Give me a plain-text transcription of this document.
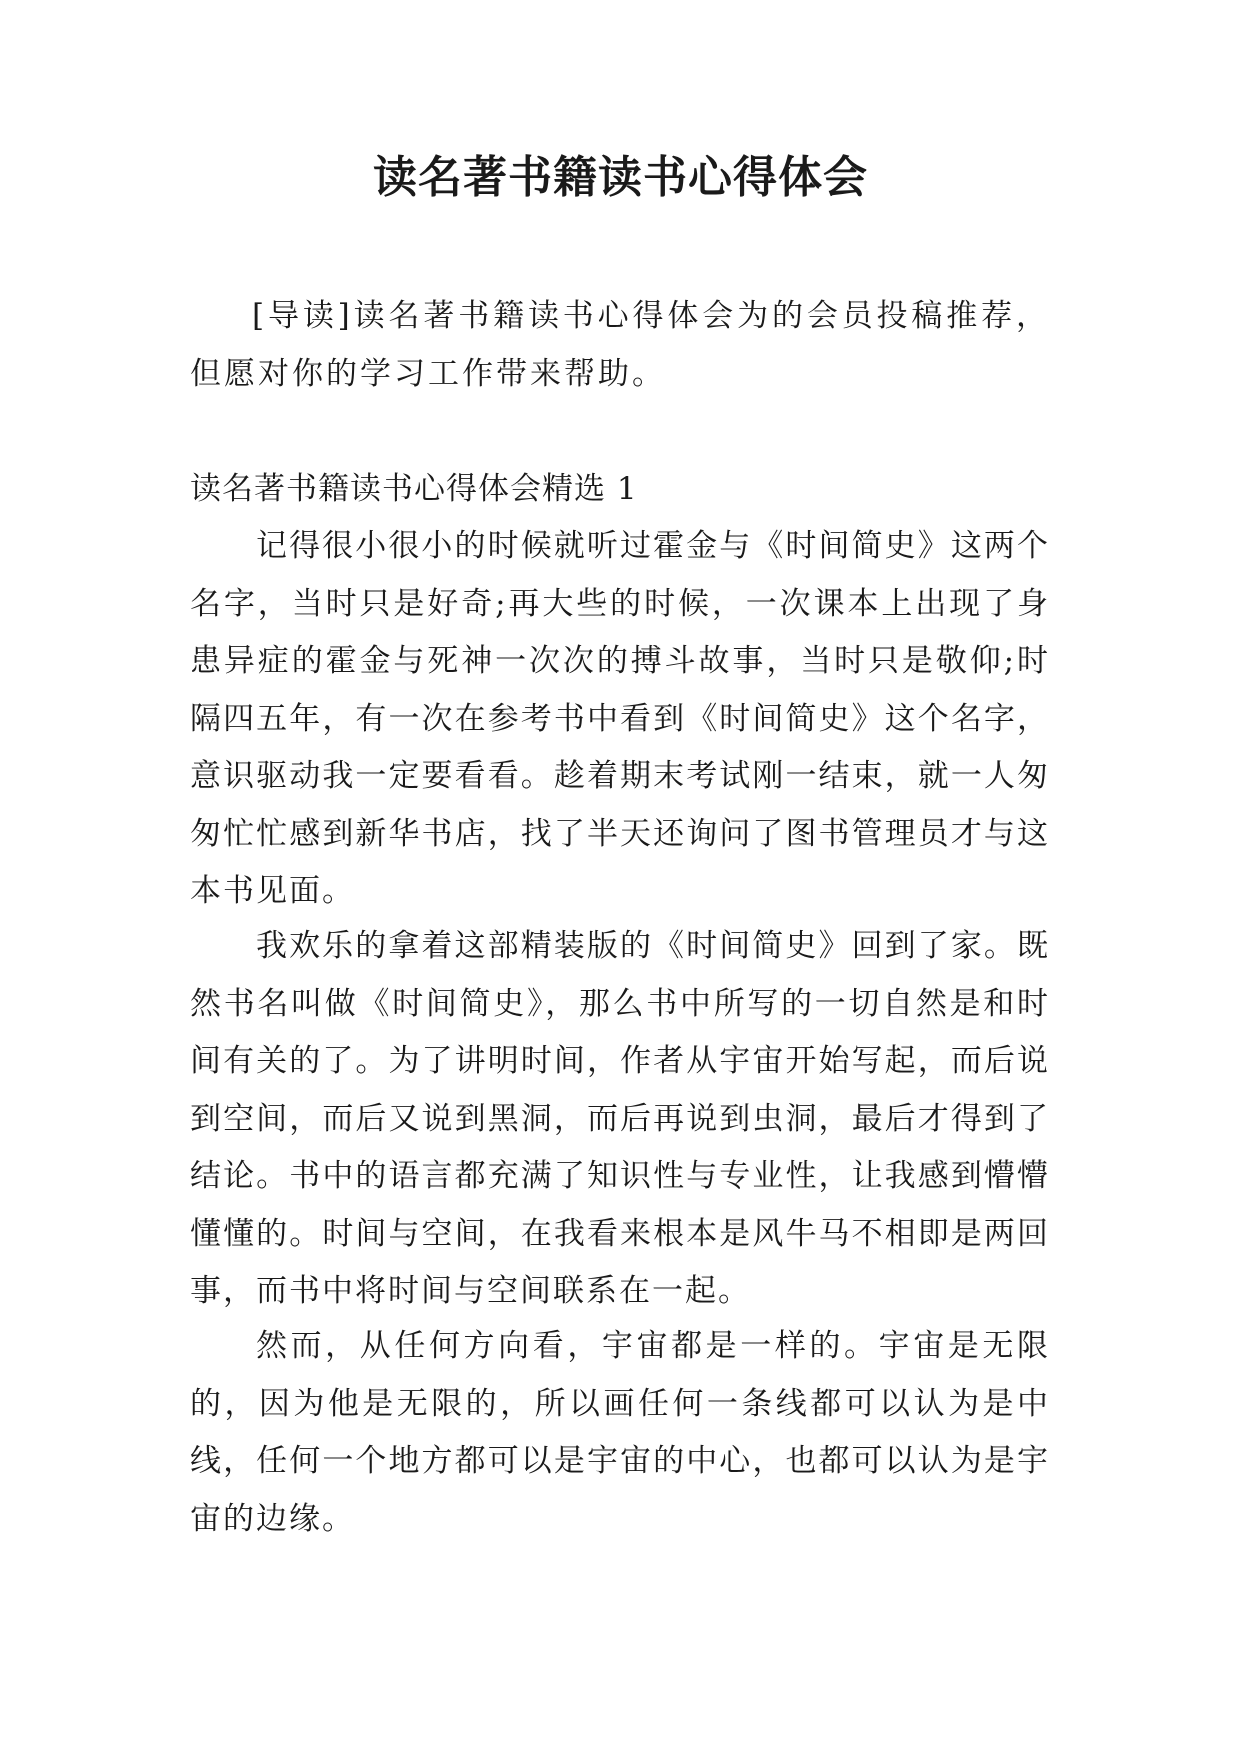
读名著书籍读书心得体会

[导读]读名著书籍读书心得体会为的会员投稿推荐，但愿对你的学习工作带来帮助。

读名著书籍读书心得体会精选 1

记得很小很小的时候就听过霍金与《时间简史》这两个名字，当时只是好奇;再大些的时候，一次课本上出现了身患异症的霍金与死神一次次的搏斗故事，当时只是敬仰;时隔四五年，有一次在参考书中看到《时间简史》这个名字，意识驱动我一定要看看。趁着期末考试刚一结束，就一人匆匆忙忙感到新华书店，找了半天还询问了图书管理员才与这本书见面。

我欢乐的拿着这部精装版的《时间简史》回到了家。既然书名叫做《时间简史》，那么书中所写的一切自然是和时间有关的了。为了讲明时间，作者从宇宙开始写起，而后说到空间，而后又说到黑洞，而后再说到虫洞，最后才得到了结论。书中的语言都充满了知识性与专业性，让我感到懵懵懂懂的。时间与空间，在我看来根本是风牛马不相即是两回事，而书中将时间与空间联系在一起。

然而，从任何方向看，宇宙都是一样的。宇宙是无限的，因为他是无限的，所以画任何一条线都可以认为是中线，任何一个地方都可以是宇宙的中心，也都可以认为是宇宙的边缘。
